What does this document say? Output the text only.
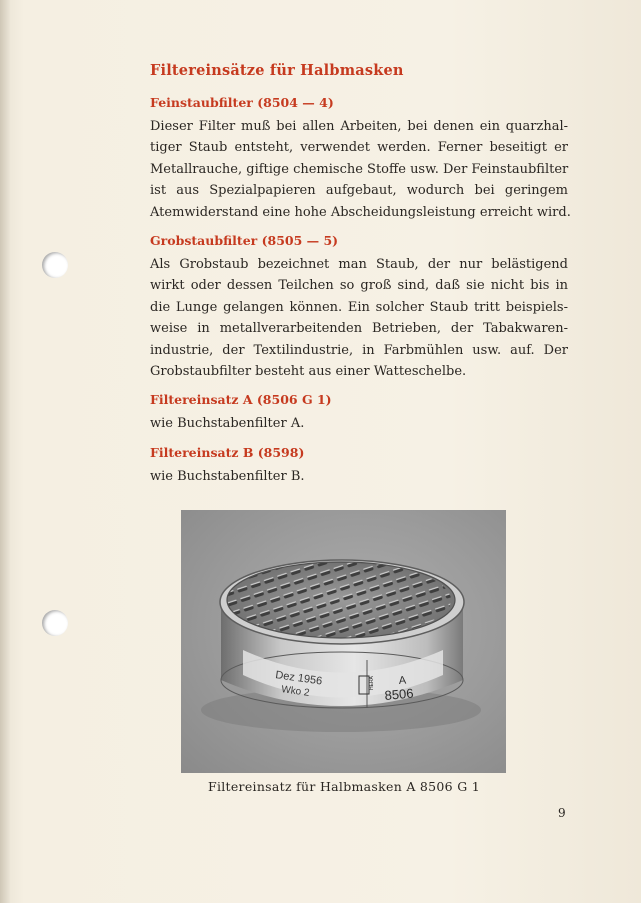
Filtereinsätze für Halbmasken
Feinstaubfilter (8504 — 4)
Dieser Filter muß bei allen Arbeiten, bei denen ein quarzhal-
tiger Staub entsteht, verwendet werden. Ferner beseitigt er
Metallrauche, giftige chemische Stoffe usw. Der Feinstaubfilter
ist aus Spezialpapieren aufgebaut, wodurch bei geringem
Atemwiderstand eine hohe Abscheidungsleistung erreicht wird.
Grobstaubfilter (8505 — 5)
Als Grobstaub bezeichnet man Staub, der nur belästigend
wirkt oder dessen Teilchen so groß sind, daß sie nicht bis in
die Lunge gelangen können. Ein solcher Staub tritt beispiels-
weise in metallverarbeitenden Betrieben, der Tabakwaren-
industrie, der Textilindustrie, in Farbmühlen usw. auf. Der
Grobstaubfilter besteht aus einer Watteschelbe.
Filtereinsatz A (8506 G 1)
wie Buchstabenfilter A.
Filtereinsatz B (8598)
wie Buchstabenfilter B.
Dez 1956
Wko 2
HERA A
8506
Filtereinsatz für Halbmasken A 8506 G 1
9
